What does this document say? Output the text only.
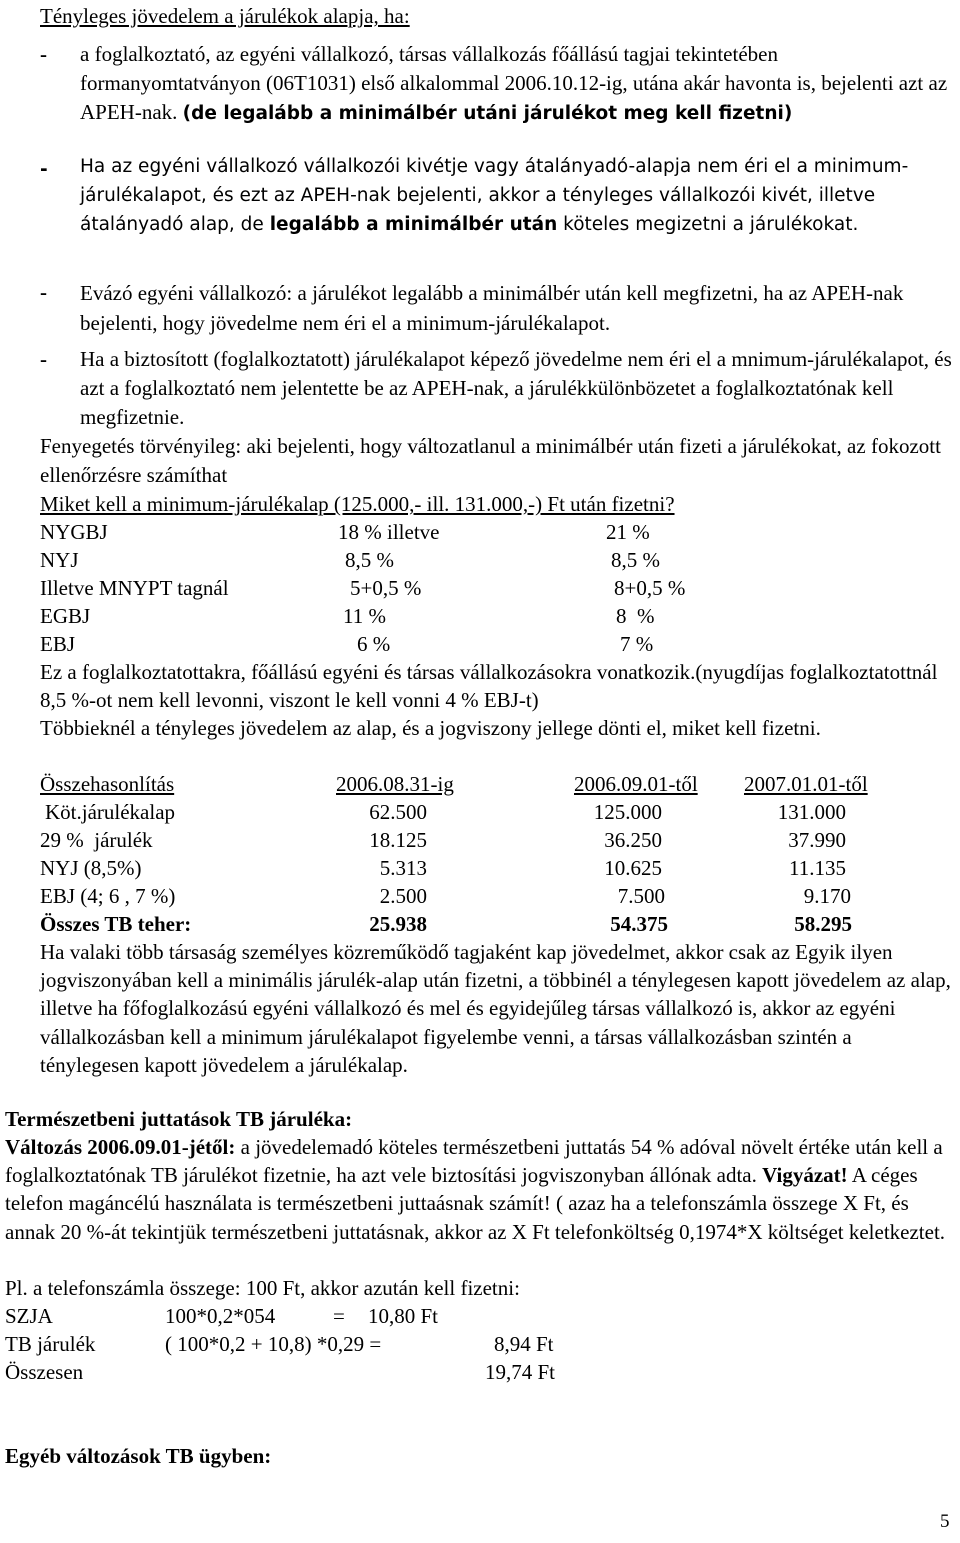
Tényleges jövedelem a járulékok alapja, ha:
- a foglalkoztató, az egyéni vállalkozó, társas vállalkozás főállású tagjai tekintetében formanyomtatványon (06T1031) első alkalommal 2006.10.12-ig, utána akár havonta is, bejelenti azt az APEH-nak. (de legalább a minimálbér utáni járulékot meg kell fizetni)
- Ha az egyéni vállalkozó vállalkozói kivétje vagy átalányadó-alapja nem éri el a minimum-járulékalapot, és ezt az APEH-nak bejelenti, akkor a tényleges vállalkozói kivét, illetve átalányadó alap, de legalább a minimálbér után köteles megizetni a járulékokat.
- Evázó egyéni vállalkozó: a járulékot legalább a minimálbér után kell megfizetni, ha az APEH-nak bejelenti, hogy jövedelme nem éri el a minimum-járulékalapot.
- Ha a biztosított (foglalkoztatott) járulékalapot képező jövedelme nem éri el a mnimum-járulékalapot, és azt a foglalkoztató nem jelentette be az APEH-nak, a járulékkülönbözetet a foglalkoztatónak kell megfizetnie.
Fenyegetés törvényileg: aki bejelenti, hogy változatlanul a minimálbér után fizeti a járulékokat, az fokozott ellenőrzésre számíthat
Miket kell a minimum-járulékalap (125.000,- ill. 131.000,-) Ft után fizetni?
NYGBJ	18 % illetve	21 %
NYJ	8,5 %	8,5 %
Illetve MNYPT tagnál	5+0,5 %	8+0,5 %
EGBJ	11 %	8  %
EBJ	6 %	7 %
Ez a foglalkoztatottakra, főállású egyéni és társas vállalkozásokra vonatkozik.(nyugdíjas foglalkoztatottnál 8,5 %-ot nem kell levonni, viszont le kell vonni 4 % EBJ-t)
Többieknél a tényleges jövedelem az alap, és a jogviszony jellege dönti el, miket kell fizetni.
Összehasonlítás	2006.08.31-ig	2006.09.01-től	2007.01.01-től
Köt.járulékalap	62.500	125.000	131.000
29 %  járulék	18.125	36.250	37.990
NYJ (8,5%)	5.313	10.625	11.135
EBJ (4; 6 , 7 %)	2.500	7.500	9.170
Összes TB teher:	25.938	54.375	58.295
Ha valaki több társaság személyes közreműködő tagjaként kap jövedelmet, akkor csak az Egyik ilyen jogviszonyában kell a minimális járulék-alap után fizetni, a többinél a ténylegesen kapott jövedelem az alap, illetve ha főfoglalkozású egyéni vállalkozó és mel és egyidejűleg társas vállalkozó is, akkor az egyéni vállalkozásban kell a minimum járulékalapot figyelembe venni, a társas vállalkozásban szintén a ténylegesen kapott jövedelem a járulékalap.
Természetbeni juttatások TB járuléka:
Változás 2006.09.01-jétől: a jövedelemadó köteles természetbeni juttatás 54 % adóval növelt értéke után kell a foglalkoztatónak TB járulékot fizetnie, ha azt vele biztosítási jogviszonyban állónak adta. Vigyázat! A céges telefon magáncélú használata is természetbeni juttaásnak számít! ( azaz ha a telefonszámla összege X Ft, és annak 20 %-át tekintjük természetbeni juttatásnak, akkor az X Ft telefonköltség 0,1974*X költséget keletkeztet.
Pl. a telefonszámla összege: 100 Ft, akkor azután kell fizetni:
SZJA	100*0,2*054	= 10,80 Ft
TB járulék	( 100*0,2 + 10,8) *0,29 =	8,94 Ft
Összesen	19,74 Ft
Egyéb változások TB ügyben:
5
